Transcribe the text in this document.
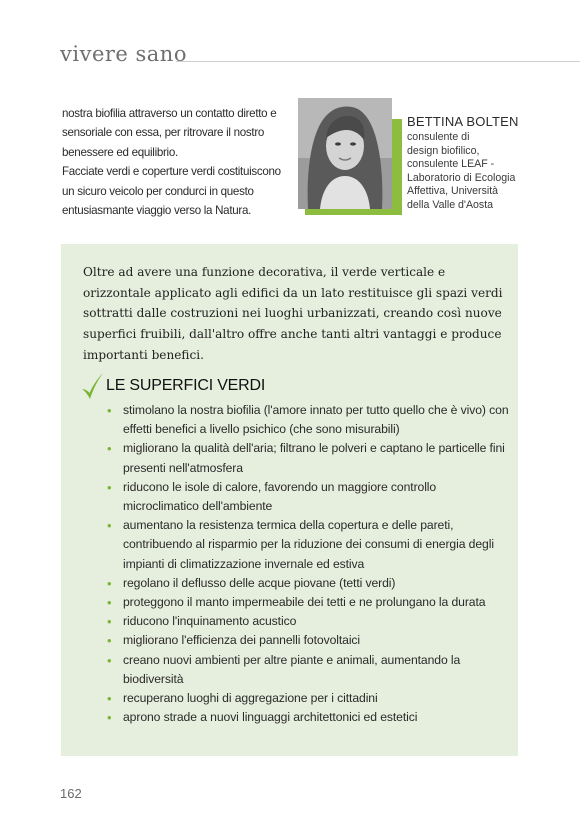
vivere sano

nostra biofilia attraverso un contatto diretto e sensoriale con essa, per ritrovare il nostro benessere ed equilibrio.

Facciate verdi e coperture verdi costituiscono un sicuro veicolo per condurci in questo entusiasmante viaggio verso la Natura.

BETTINA BOLTEN
consulente di
design biofilico,
consulente LEAF -
Laboratorio di Ecologia
Affettiva, Università
della Valle d'Aosta
Oltre ad avere una funzione decorativa, il verde verticale e orizzontale applicato agli edifici da un lato restituisce gli spazi verdi sottratti dalle costruzioni nei luoghi urbanizzati, creando così nuove superfici fruibili, dall'altro offre anche tanti altri vantaggi e produce importanti benefici.
LE SUPERFICI VERDI
• stimolano la nostra biofilia (l'amore innato per tutto quello che è vivo) con effetti benefici a livello psichico (che sono misurabili)
• migliorano la qualità dell'aria; filtrano le polveri e captano le particelle fini presenti nell'atmosfera
• riducono le isole di calore, favorendo un maggiore controllo microclimatico dell'ambiente
• aumentano la resistenza termica della copertura e delle pareti, contribuendo al risparmio per la riduzione dei consumi di energia degli impianti di climatizzazione invernale ed estiva
• regolano il deflusso delle acque piovane (tetti verdi)
• proteggono il manto impermeabile dei tetti e ne prolungano la durata
• riducono l'inquinamento acustico
• migliorano l'efficienza dei pannelli fotovoltaici
• creano nuovi ambienti per altre piante e animali, aumentando la biodiversità
• recuperano luoghi di aggregazione per i cittadini
• aprono strade a nuovi linguaggi architettonici ed estetici
162
